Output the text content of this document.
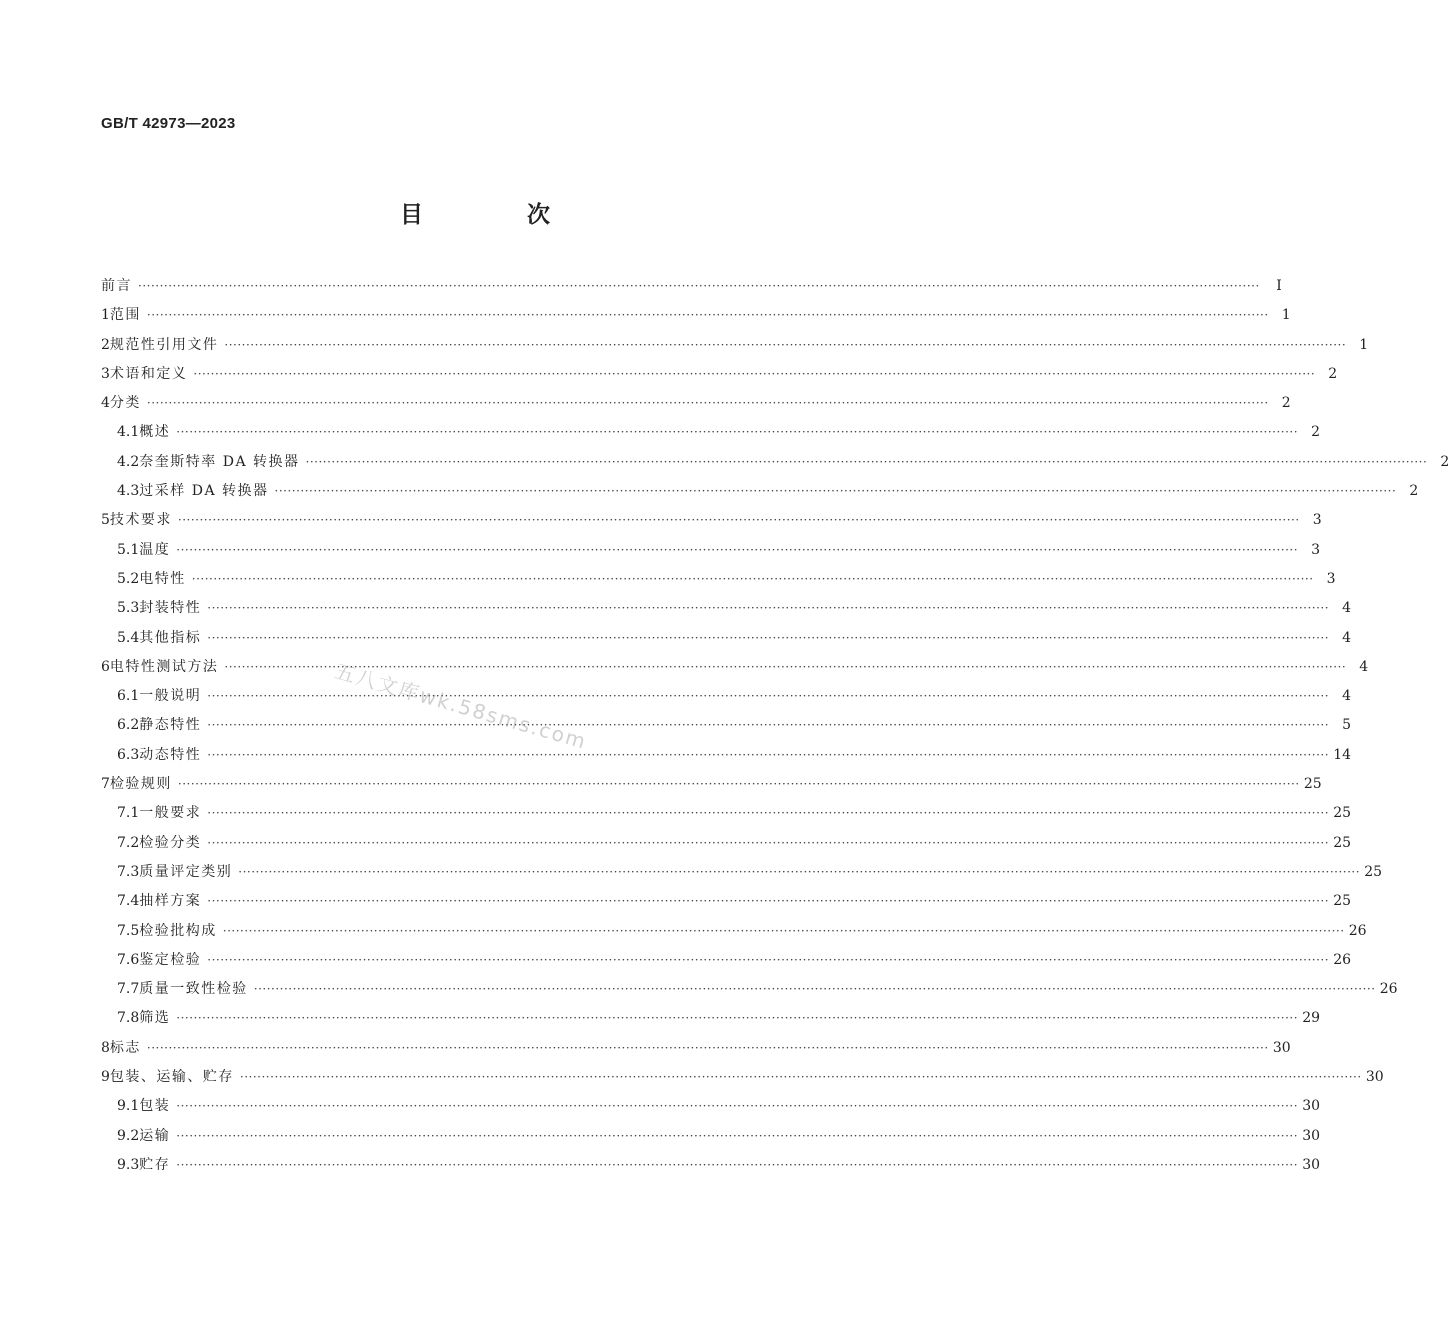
GB/T 42973—2023
目 次
前言 ····································································································································································································································································	Ⅰ
1 范围 ···································································································································································································································································· 1
2 规范性引用文件 ···································································································································································································································································· 1
3 术语和定义 ···································································································································································································································································· 2
4 分类 ···································································································································································································································································· 2
4.1 概述 ···································································································································································································································································· 2
4.2 奈奎斯特率 DA 转换器 ···································································································································································································································································· 2
4.3 过采样 DA 转换器 ···································································································································································································································································· 2
5 技术要求 ···································································································································································································································································· 3
5.1 温度 ···································································································································································································································································· 3
5.2 电特性 ···································································································································································································································································· 3
5.3 封装特性 ···································································································································································································································································· 4
5.4 其他指标 ···································································································································································································································································· 4
6 电特性测试方法 ···································································································································································································································································· 4
6.1 一般说明 ···································································································································································································································································· 4
6.2 静态特性 ···································································································································································································································································· 5
6.3 动态特性 ···································································································································································································································································· 14
7 检验规则 ···································································································································································································································································· 25
7.1 一般要求 ···································································································································································································································································· 25
7.2 检验分类 ···································································································································································································································································· 25
7.3 质量评定类别 ···································································································································································································································································· 25
7.4 抽样方案 ···································································································································································································································································· 25
7.5 检验批构成 ···································································································································································································································································· 26
7.6 鉴定检验 ···································································································································································································································································· 26
7.7 质量一致性检验 ···································································································································································································································································· 26
7.8 筛选 ···································································································································································································································································· 29
8 标志 ···································································································································································································································································· 30
9 包装、运输、贮存 ···································································································································································································································································· 30
9.1 包装 ···································································································································································································································································· 30
9.2 运输 ···································································································································································································································································· 30
9.3 贮存 ···································································································································································································································································· 30
五八文库wk.58sms.com
